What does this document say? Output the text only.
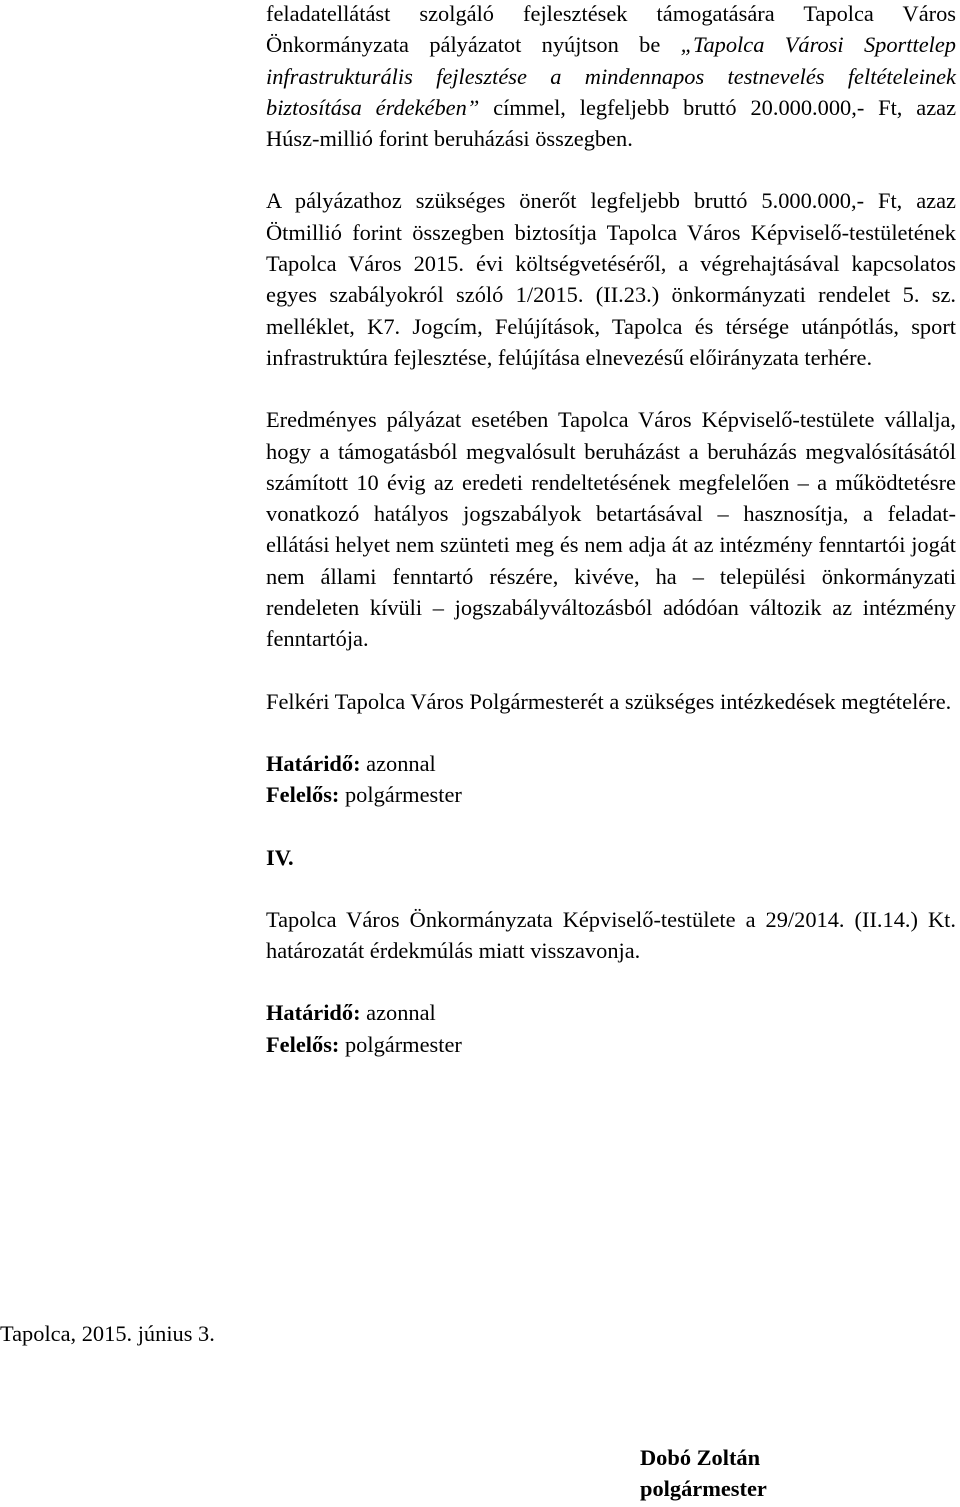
feladatellátást szolgáló fejlesztések támogatására Tapolca Város Önkormányzata pályázatot nyújtson be „Tapolca Városi Sporttelep infrastrukturális fejlesztése a mindennapos testnevelés feltételeinek biztosítása érdekében” címmel, legfeljebb bruttó 20.000.000,- Ft, azaz Húsz-millió forint beruházási összegben.

A pályázathoz szükséges önerőt legfeljebb bruttó 5.000.000,- Ft, azaz Ötmillió forint összegben biztosítja Tapolca Város Képviselő-testületének Tapolca Város 2015. évi költségvetéséről, a végrehajtásával kapcsolatos egyes szabályokról szóló 1/2015. (II.23.) önkormányzati rendelet 5. sz. melléklet, K7. Jogcím, Felújítások, Tapolca és térsége utánpótlás, sport infrastruktúra fejlesztése, felújítása elnevezésű előirányzata terhére.

Eredményes pályázat esetében Tapolca Város Képviselő-testülete vállalja, hogy a támogatásból megvalósult beruházást a beruházás megvalósításától számított 10 évig az eredeti rendeltetésének megfelelően – a működtetésre vonatkozó hatályos jogszabályok betartásával – hasznosítja, a feladat-ellátási helyet nem szünteti meg és nem adja át az intézmény fenntartói jogát nem állami fenntartó részére, kivéve, ha – települési önkormányzati rendeleten kívüli – jogszabályváltozásból adódóan változik az intézmény fenntartója.

Felkéri Tapolca Város Polgármesterét a szükséges intézkedések megtételére.

Határidő: azonnal
Felelős: polgármester
IV.

Tapolca Város Önkormányzata Képviselő-testülete a 29/2014. (II.14.) Kt. határozatát érdekmúlás miatt visszavonja.

Határidő: azonnal
Felelős: polgármester
Tapolca, 2015. június 3.
Dobó Zoltán
polgármester
